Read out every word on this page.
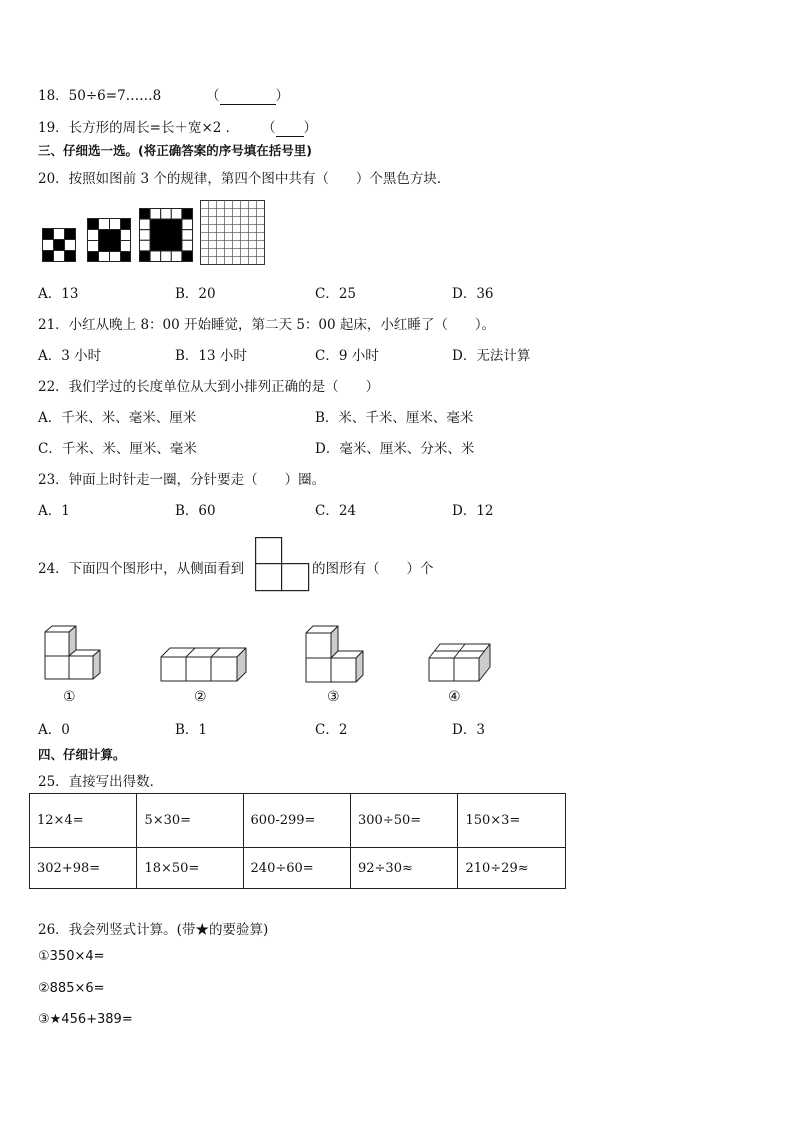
18．50÷6=7……8	（	）
19．长方形的周长=长＋宽×2 ． （ ）
三、仔细选一选。(将正确答案的序号填在括号里)
20．按照如图前 3 个的规律，第四个图中共有（　　）个黑色方块．
A．13	B．20	C．25	D．36
21．小红从晚上 8：00 开始睡觉，第二天 5：00 起床，小红睡了（　　）。
A．3 小时	B．13 小时	C．9 小时	D．无法计算
22．我们学过的长度单位从大到小排列正确的是（　　）
A．千米、米、毫米、厘米	B．米、千米、厘米、毫米
C．千米、米、厘米、毫米	D．毫米、厘米、分米、米
23．钟面上时针走一圈，分针要走（　　）圈。
A．1	B．60	C．24	D．12
24．下面四个图形中，从侧面看到	的图形有（　　）个
①	②	③	④
A．0	B．1	C．2	D．3
四、仔细计算。
25．直接写出得数．
12×4=	5×30=	600-299=	300÷50=	150×3=
302+98=	18×50=	240÷60=	92÷30≈	210÷29≈
26．我会列竖式计算。(带★的要验算)
①350×4=
②885×6=
③★456+389=
